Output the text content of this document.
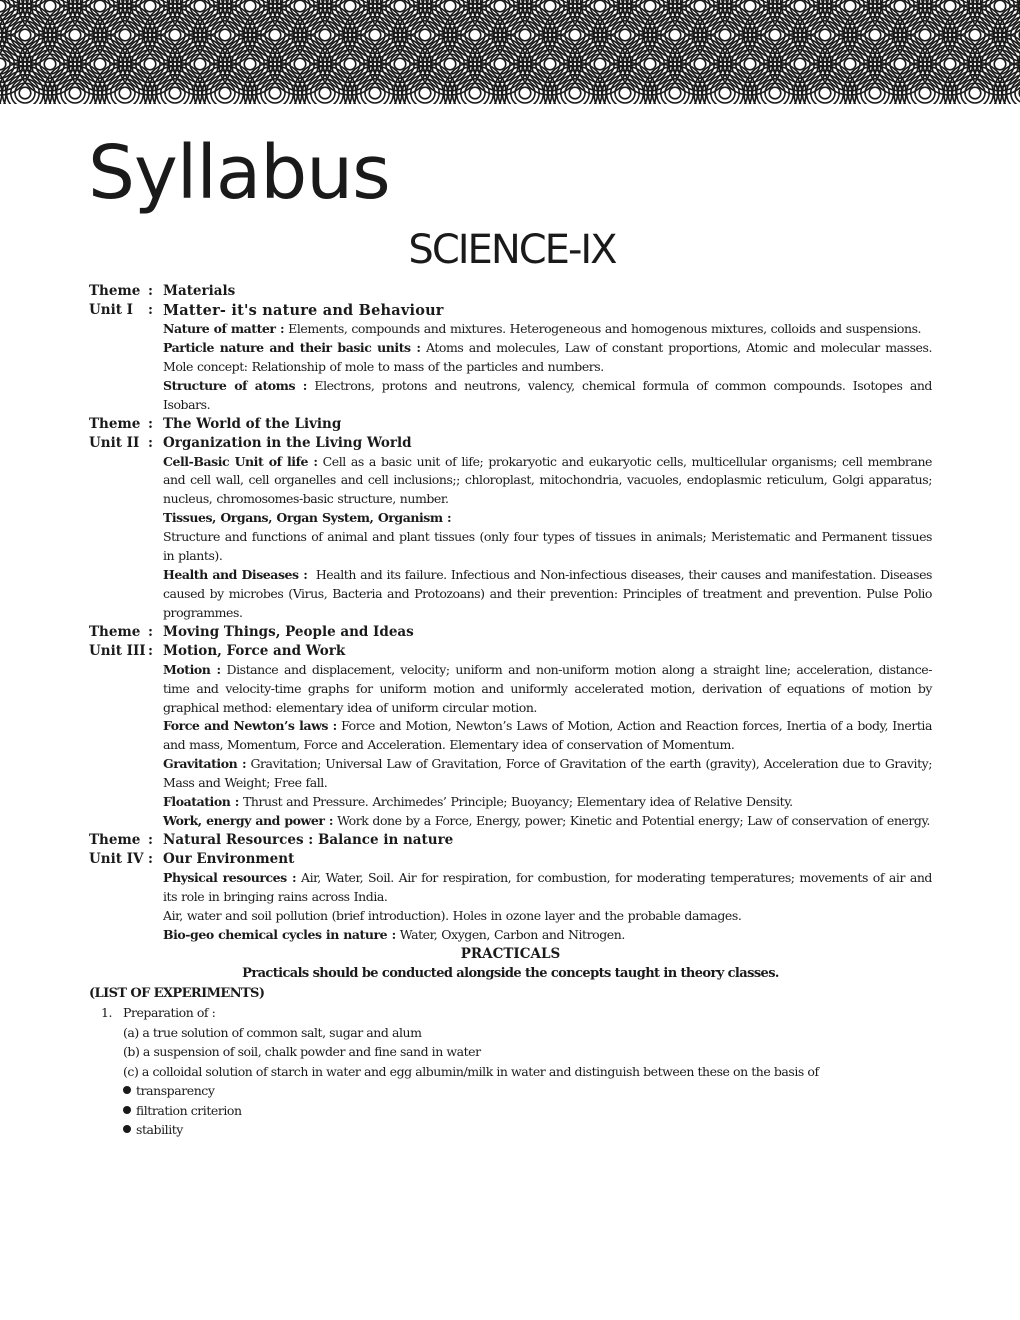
Syllabus
SCIENCE-IX
Theme : Materials
Unit I	: Matter- it's nature and Behaviour
Nature of matter : Elements, compounds and mixtures. Heterogeneous and homogenous mixtures, colloids and suspensions.
Particle nature and their basic units : Atoms and molecules, Law of constant proportions, Atomic and molecular masses. Mole concept: Relationship of mole to mass of the particles and numbers.
Structure of atoms : Electrons, protons and neutrons, valency, chemical formula of common compounds. Isotopes and Isobars.
Theme : The World of the Living
Unit II : Organization in the Living World
Cell-Basic Unit of life : Cell as a basic unit of life; prokaryotic and eukaryotic cells, multicellular organisms; cell membrane and cell wall, cell organelles and cell inclusions;; chloroplast, mitochondria, vacuoles, endoplasmic reticulum, Golgi apparatus; nucleus, chromosomes-basic structure, number.
Tissues, Organs, Organ System, Organism :
Structure and functions of animal and plant tissues (only four types of tissues in animals; Meristematic and Permanent tissues in plants).
Health and Diseases : Health and its failure. Infectious and Non-infectious diseases, their causes and manifestation. Diseases caused by microbes (Virus, Bacteria and Protozoans) and their prevention: Principles of treatment and prevention. Pulse Polio programmes.
Theme : Moving Things, People and Ideas
Unit III : Motion, Force and Work
Motion : Distance and displacement, velocity; uniform and non-uniform motion along a straight line; acceleration, distance-time and velocity-time graphs for uniform motion and uniformly accelerated motion, derivation of equations of motion by graphical method: elementary idea of uniform circular motion.
Force and Newton’s laws : Force and Motion, Newton’s Laws of Motion, Action and Reaction forces, Inertia of a body, Inertia and mass, Momentum, Force and Acceleration. Elementary idea of conservation of Momentum.
Gravitation : Gravitation; Universal Law of Gravitation, Force of Gravitation of the earth (gravity), Acceleration due to Gravity; Mass and Weight; Free fall.
Floatation : Thrust and Pressure. Archimedes’ Principle; Buoyancy; Elementary idea of Relative Density.
Work, energy and power : Work done by a Force, Energy, power; Kinetic and Potential energy; Law of conservation of energy.
Theme : Natural Resources : Balance in nature
Unit IV : Our Environment
Physical resources : Air, Water, Soil. Air for respiration, for combustion, for moderating temperatures; movements of air and its role in bringing rains across India.
Air, water and soil pollution (brief introduction). Holes in ozone layer and the probable damages.
Bio-geo chemical cycles in nature : Water, Oxygen, Carbon and Nitrogen.
PRACTICALS
Practicals should be conducted alongside the concepts taught in theory classes.
(LIST OF EXPERIMENTS)
1. Preparation of :
(a) a true solution of common salt, sugar and alum
(b) a suspension of soil, chalk powder and fine sand in water
(c) a colloidal solution of starch in water and egg albumin/milk in water and distinguish between these on the basis of
transparency
filtration criterion
stability
